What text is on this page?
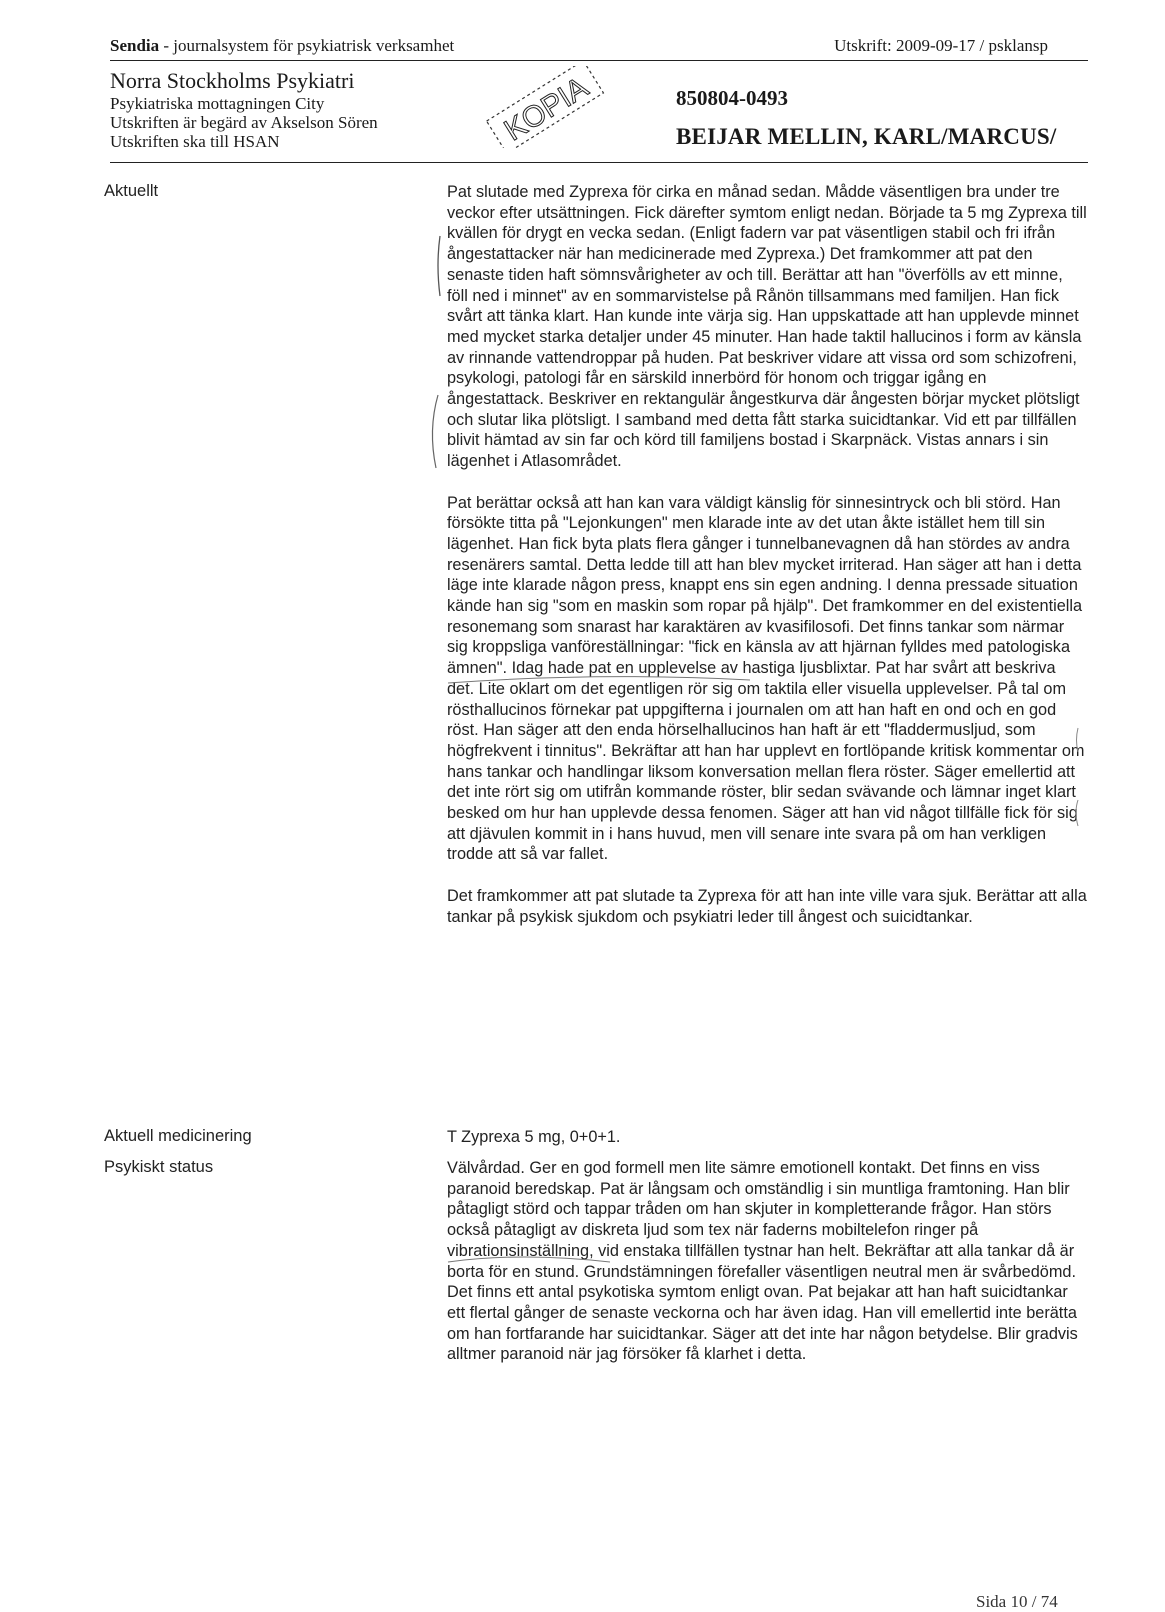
Sendia - journalsystem för psykiatrisk verksamhet	Utskrift: 2009-09-17 / psklansp
Norra Stockholms Psykiatri
Psykiatriska mottagningen City
Utskriften är begärd av Akselson Sören
Utskriften ska till HSAN	KOPIA	850804-0493
BEIJAR MELLIN, KARL/MARCUS/
Aktuellt	Pat slutade med Zyprexa för cirka en månad sedan. Mådde väsentligen bra under tre veckor efter utsättningen. Fick därefter symtom enligt nedan. Började ta 5 mg Zyprexa till kvällen för drygt en vecka sedan. (Enligt fadern var pat väsentligen stabil och fri ifrån ångestattacker när han medicinerade med Zyprexa.) Det framkommer att pat den senaste tiden haft sömnsvårigheter av och till. Berättar att han "överfölls av ett minne, föll ned i minnet" av en sommarvistelse på Rånön tillsammans med familjen. Han fick svårt att tänka klart. Han kunde inte värja sig. Han uppskattade att han upplevde minnet med mycket starka detaljer under 45 minuter. Han hade taktil hallucinos i form av känsla av rinnande vattendroppar på huden. Pat beskriver vidare att vissa ord som schizofreni, psykologi, patologi får en särskild innerbörd för honom och triggar igång en ångestattack. Beskriver en rektangulär ångestkurva där ångesten börjar mycket plötsligt och slutar lika plötsligt. I samband med detta fått starka suicidtankar. Vid ett par tillfällen blivit hämtad av sin far och körd till familjens bostad i Skarpnäck. Vistas annars i sin lägenhet i Atlasområdet.

Pat berättar också att han kan vara väldigt känslig för sinnesintryck och bli störd. Han försökte titta på "Lejonkungen" men klarade inte av det utan åkte istället hem till sin lägenhet. Han fick byta plats flera gånger i tunnelbanevagnen då han stördes av andra resenärers samtal. Detta ledde till att han blev mycket irriterad. Han säger att han i detta läge inte klarade någon press, knappt ens sin egen andning. I denna pressade situation kände han sig "som en maskin som ropar på hjälp". Det framkommer en del existentiella resonemang som snarast har karaktären av kvasifilosofi. Det finns tankar som närmar sig kroppsliga vanföreställningar: "fick en känsla av att hjärnan fylldes med patologiska ämnen". Idag hade pat en upplevelse av hastiga ljusblixtar. Pat har svårt att beskriva det. Lite oklart om det egentligen rör sig om taktila eller visuella upplevelser. På tal om rösthallucinos förnekar pat uppgifterna i journalen om att han haft en ond och en god röst. Han säger att den enda hörselhallucinos han haft är ett "fladdermusljud, som högfrekvent i tinnitus". Bekräftar att han har upplevt en fortlöpande kritisk kommentar om hans tankar och handlingar liksom konversation mellan flera röster. Säger emellertid att det inte rört sig om utifrån kommande röster, blir sedan svävande och lämnar inget klart besked om hur han upplevde dessa fenomen. Säger att han vid något tillfälle fick för sig att djävulen kommit in i hans huvud, men vill senare inte svara på om han verkligen trodde att så var fallet.

Det framkommer att pat slutade ta Zyprexa för att han inte ville vara sjuk. Berättar att alla tankar på psykisk sjukdom och psykiatri leder till ångest och suicidtankar.

Aktuell medicinering	T Zyprexa 5 mg, 0+0+1.
Psykiskt status	Välvårdad. Ger en god formell men lite sämre emotionell kontakt. Det finns en viss paranoid beredskap. Pat är långsam och omständlig i sin muntliga framtoning. Han blir påtagligt störd och tappar tråden om han skjuter in kompletterande frågor. Han störs också påtagligt av diskreta ljud som tex när faderns mobiltelefon ringer på vibrationsinställning, vid enstaka tillfällen tystnar han helt. Bekräftar att alla tankar då är borta för en stund. Grundstämningen förefaller väsentligen neutral men är svårbedömd. Det finns ett antal psykotiska symtom enligt ovan. Pat bejakar att han haft suicidtankar ett flertal gånger de senaste veckorna och har även idag. Han vill emellertid inte berätta om han fortfarande har suicidtankar. Säger att det inte har någon betydelse. Blir gradvis alltmer paranoid när jag försöker få klarhet i detta.
Sida 10 / 74
